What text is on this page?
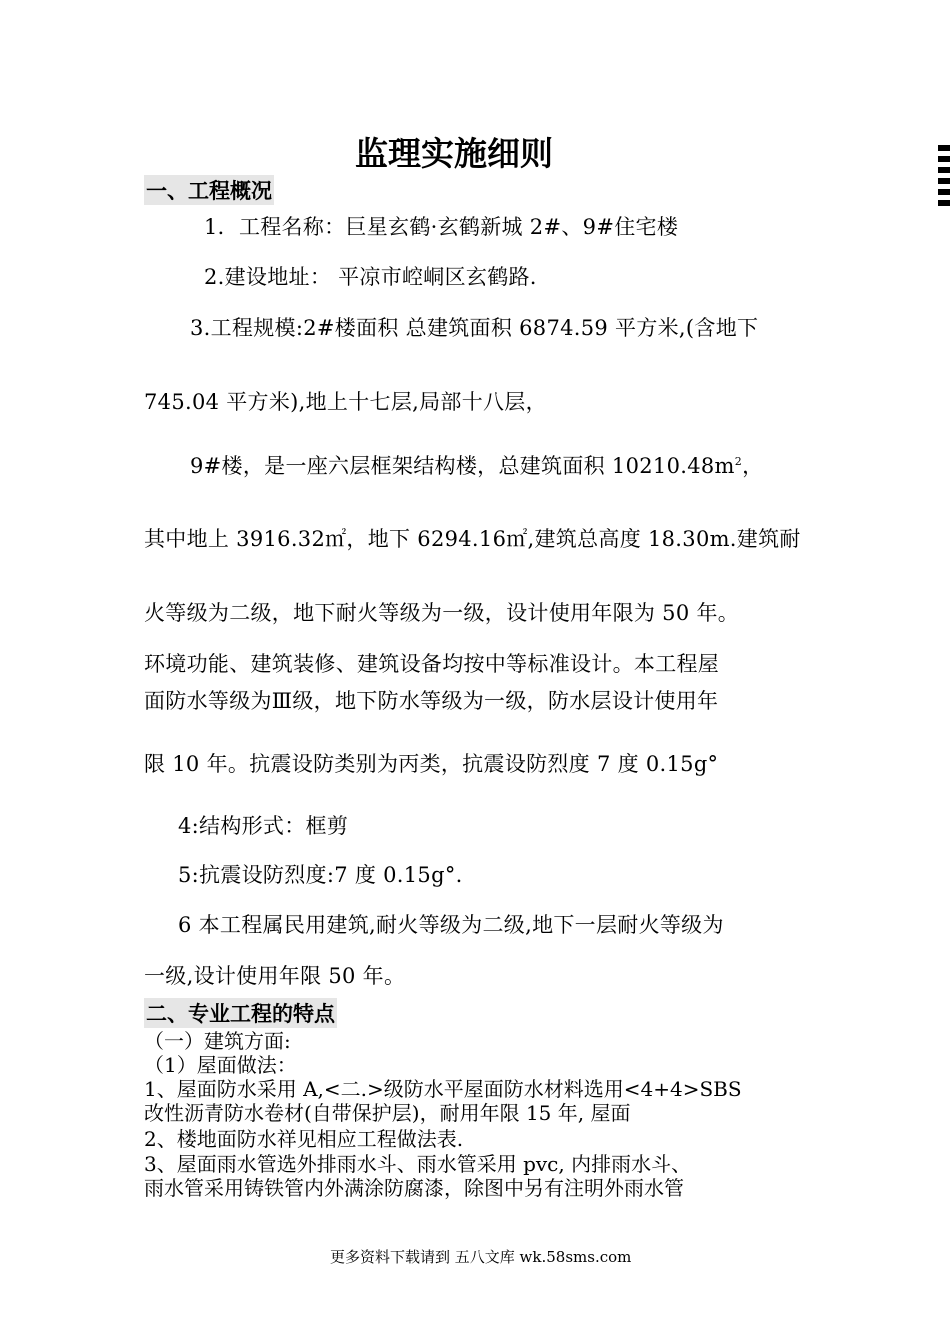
监理实施细则
一、工程概况
1．工程名称：巨星玄鹤·玄鹤新城 2#、9#住宅楼
2.建设地址： 平凉市崆峒区玄鹤路.
3.工程规模:2#楼面积 总建筑面积 6874.59 平方米,(含地下
745.04 平方米),地上十七层,局部十八层，
9#楼，是一座六层框架结构楼，总建筑面积 $10210.48m^2$，
其中地上 3916.32㎡，地下 6294.16㎡,建筑总高度 18.30m.建筑耐
火等级为二级，地下耐火等级为一级，设计使用年限为 50 年。
环境功能、建筑装修、建筑设备均按中等标准设计。本工程屋
面防水等级为Ⅲ级，地下防水等级为一级，防水层设计使用年
限 10 年。抗震设防类别为丙类，抗震设防烈度 7 度 0.15g°
4:结构形式：框剪
5:抗震设防烈度:7 度 0.15g°.
6 本工程属民用建筑,耐火等级为二级,地下一层耐火等级为
一级,设计使用年限 50 年。
二、专业工程的特点
（一）建筑方面:
（1）屋面做法：
1、屋面防水采用 A,<二.>级防水平屋面防水材料选用<4+4>SBS
改性沥青防水卷材(自带保护层)，耐用年限 15 年, 屋面
2、楼地面防水祥见相应工程做法表.
3、屋面雨水管选外排雨水斗、雨水管采用 pvc, 内排雨水斗、
雨水管采用铸铁管内外满涂防腐漆，除图中另有注明外雨水管
更多资料下载请到 五八文库 wk.58sms.com
